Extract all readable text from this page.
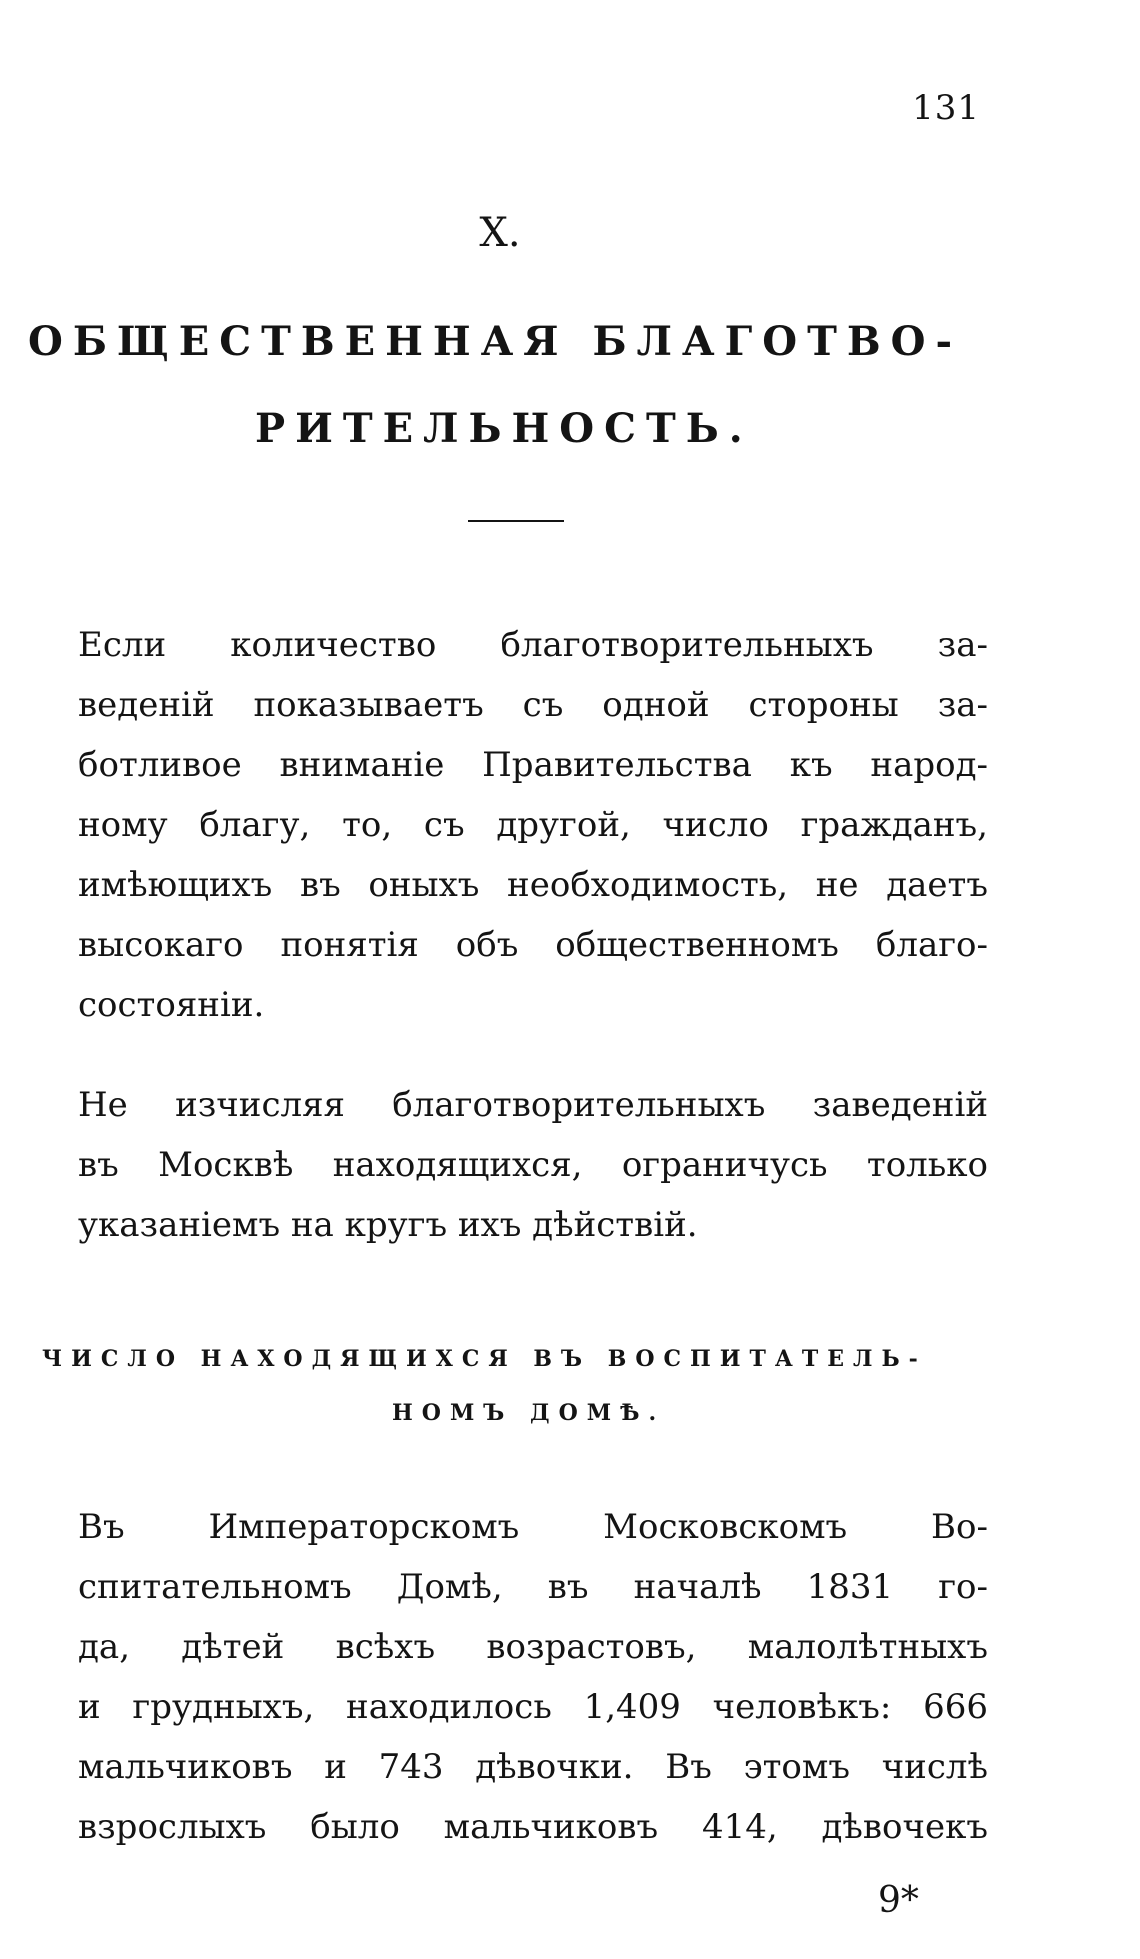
131
X.
ОБЩЕСТВЕННАЯ БЛАГОТВО-
РИТЕЛЬНОСТЬ.
Если количество благотворительныхъ за-
веденій показываетъ съ одной стороны за-
ботливое вниманіе Правительства къ народ-
ному благу, то, съ другой, число гражданъ,
имѣющихъ въ оныхъ необходимость, не даетъ
высокаго понятія объ общественномъ благо-
состояніи.
Не изчисляя благотворительныхъ заведеній
въ Москвѣ находящихся, ограничусь только
указаніемъ на кругъ ихъ дѣйствій.
ЧИСЛО НАХОДЯЩИХСЯ ВЪ ВОСПИТАТЕЛЬ-
НОМЪ ДОМѢ.
Въ Императорскомъ Московскомъ Во-
спитательномъ Домѣ, въ началѣ 1831 го-
да, дѣтей всѣхъ возрастовъ, малолѣтныхъ
и грудныхъ, находилось 1,409 человѣкъ: 666
мальчиковъ и 743 дѣвочки. Въ этомъ числѣ
взрослыхъ было мальчиковъ 414, дѣвочекъ
9*
